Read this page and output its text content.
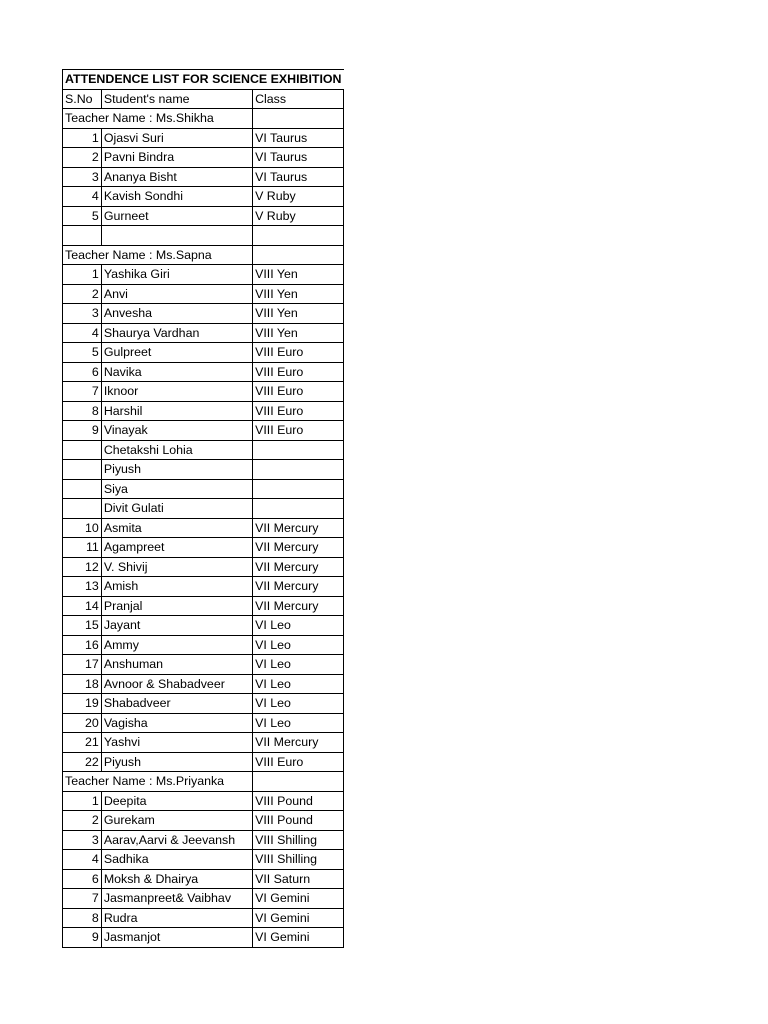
ATTENDENCE LIST FOR SCIENCE EXHIBITION		
S.No	Student's name	Class
Teacher Name : Ms.Shikha		
1	Ojasvi Suri	VI Taurus
2	Pavni Bindra	VI Taurus
3	Ananya Bisht	VI Taurus
4	Kavish Sondhi	V Ruby
5	Gurneet	V Ruby

Teacher Name : Ms.Sapna		
1	Yashika Giri	VIII Yen
2	Anvi	VIII Yen
3	Anvesha	VIII Yen
4	Shaurya Vardhan	VIII Yen
5	Gulpreet	VIII Euro
6	Navika	VIII Euro
7	Iknoor	VIII Euro
8	Harshil	VIII Euro
9	Vinayak	VIII Euro
	Chetakshi Lohia	
	Piyush	
	Siya	
	Divit Gulati	
10	Asmita	VII Mercury
11	Agampreet	VII Mercury
12	V. Shivij	VII Mercury
13	Amish	VII Mercury
14	Pranjal	VII Mercury
15	Jayant	VI Leo
16	Ammy	VI Leo
17	Anshuman	VI Leo
18	Avnoor & Shabadveer	VI Leo
19	Shabadveer	VI Leo
20	Vagisha	VI Leo
21	Yashvi	VII Mercury
22	Piyush	VIII Euro
Teacher Name : Ms.Priyanka		
1	Deepita	VIII Pound
2	Gurekam	VIII Pound
3	Aarav,Aarvi & Jeevansh	VIII Shilling
4	Sadhika	VIII Shilling
6	Moksh & Dhairya	VII Saturn
7	Jasmanpreet& Vaibhav	VI Gemini
8	Rudra	VI Gemini
9	Jasmanjot	VI Gemini
